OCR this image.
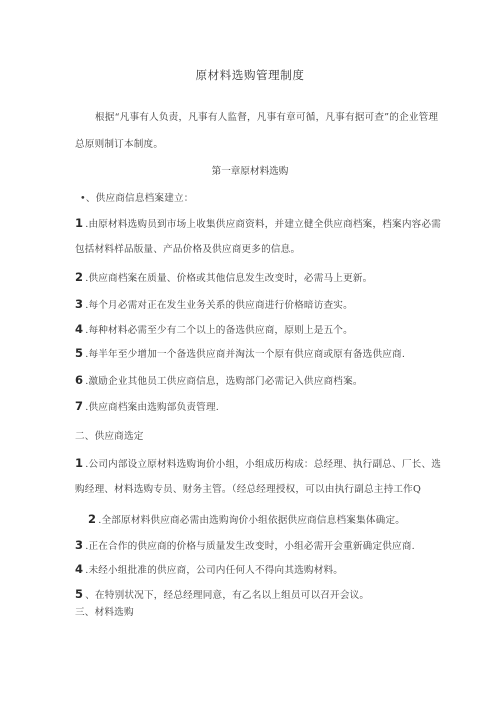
原材料选购管理制度
根据“凡事有人负责，凡事有人监督，凡事有章可循，凡事有据可查”的企业管理
总原则制订本制度。
第一章原材料选购
•、供应商信息档案建立：
1 .由原材料选购员到市场上收集供应商资料，并建立健全供应商档案，档案内容必需
包括材料样品版量、产品价格及供应商更多的信息。
2 .供应商档案在质量、价格或其他信息发生改变时，必需马上更新。
3 .每个月必需对正在发生业务关系的供应商进行价格暗访查实。
4 .每种材料必需至少有二个以上的备选供应商，原则上是五个。
5 .每半年至少增加一个备选供应商并淘汰一个原有供应商或原有备选供应商.
6 .激励企业其他员工供应商信息，选购部门必需记入供应商档案。
7 .供应商档案由选购部负责管理.
二、供应商选定
1 .公司内部设立原材料选购询价小组，小组成历构成：总经理、执行副总、厂长、选
购经理、材料选购专员、财务主管。（经总经理授权，可以由执行副总主持工作Q
2 .全部原材料供应商必需由选购询价小组依据供应商信息档案集体确定。
3 .正在合作的供应商的价格与质量发生改变时，小组必需开会重新确定供应商.
4 .未经小组批准的供应商，公司内任何人不得向其选购材料。
5 、在特别状况下，经总经理同意，有乙名以上组员可以召开会议。
三、材料选购
